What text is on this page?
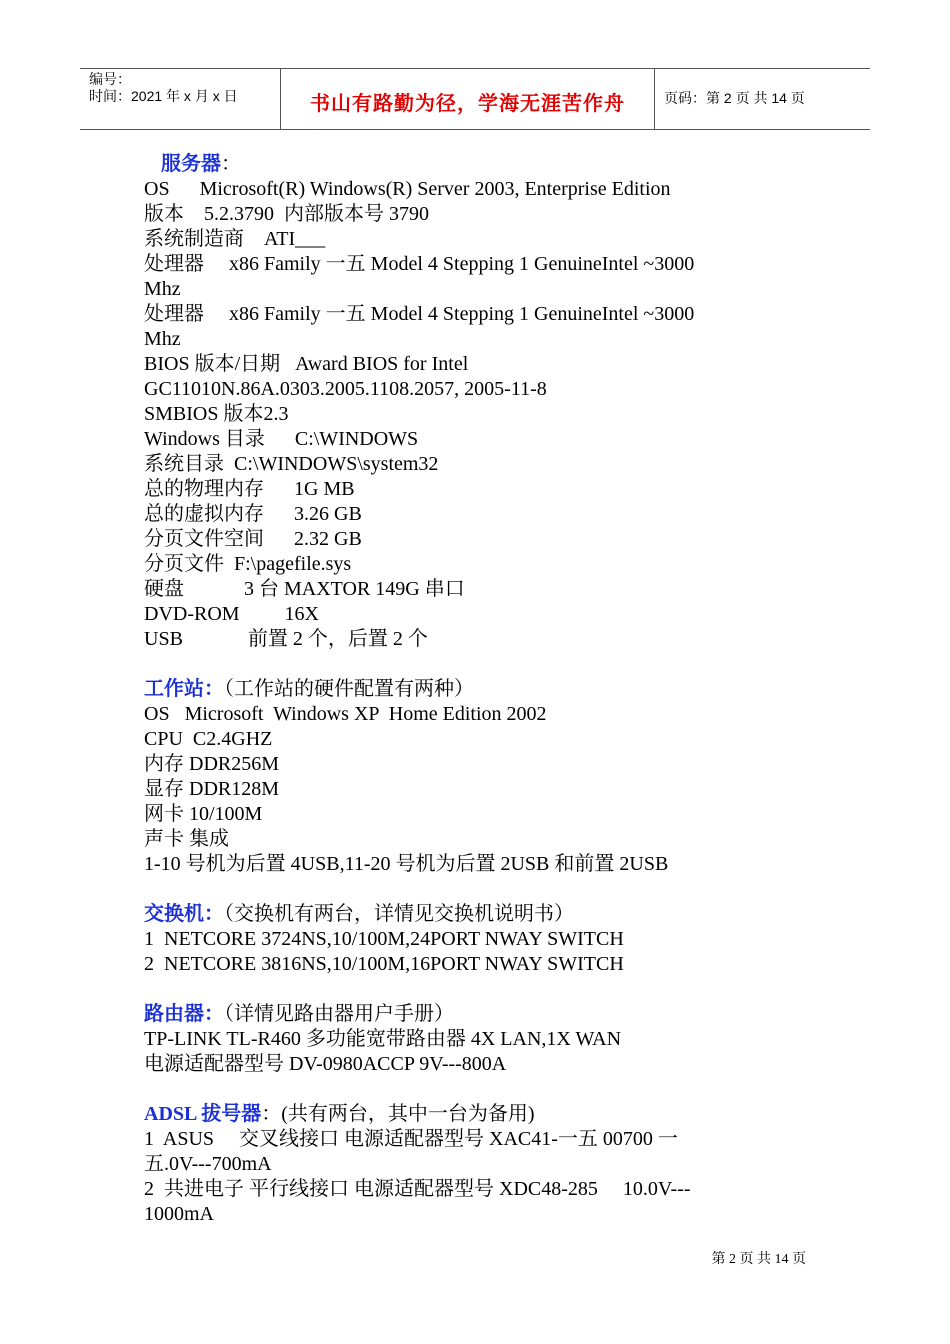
编号：
时间：2021 年 x 月 x 日	书山有路勤为径，学海无涯苦作舟	页码：第 2 页 共 14 页
服务器：
OS      Microsoft(R) Windows(R) Server 2003, Enterprise Edition
版本    5.2.3790  内部版本号 3790
系统制造商    ATI___
处理器     x86 Family 一五 Model 4 Stepping 1 GenuineIntel ~3000
Mhz
处理器     x86 Family 一五 Model 4 Stepping 1 GenuineIntel ~3000
Mhz
BIOS 版本/日期   Award BIOS for Intel
GC11010N.86A.0303.2005.1108.2057, 2005-11-8
SMBIOS 版本2.3
Windows 目录      C:\WINDOWS
系统目录  C:\WINDOWS\system32
总的物理内存      1G MB
总的虚拟内存      3.26 GB
分页文件空间      2.32 GB
分页文件  F:\pagefile.sys
硬盘            3 台 MAXTOR 149G 串口
DVD-ROM         16X
USB             前置 2 个，后置 2 个
工作站：（工作站的硬件配置有两种）
OS   Microsoft  Windows XP  Home Edition 2002
CPU  C2.4GHZ
内存 DDR256M
显存 DDR128M
网卡 10/100M
声卡 集成
1-10 号机为后置 4USB,11-20 号机为后置 2USB 和前置 2USB
交换机：（交换机有两台，详情见交换机说明书）
1  NETCORE 3724NS,10/100M,24PORT NWAY SWITCH
2  NETCORE 3816NS,10/100M,16PORT NWAY SWITCH
路由器：（详情见路由器用户手册）
TP-LINK TL-R460 多功能宽带路由器 4X LAN,1X WAN
电源适配器型号 DV-0980ACCP 9V---800A
ADSL 拔号器：(共有两台，其中一台为备用)
1  ASUS     交叉线接口 电源适配器型号 XAC41-一五 00700 一
五.0V---700mA
2  共进电子 平行线接口 电源适配器型号 XDC48-285     10.0V---
1000mA
第 2 页 共 14 页
